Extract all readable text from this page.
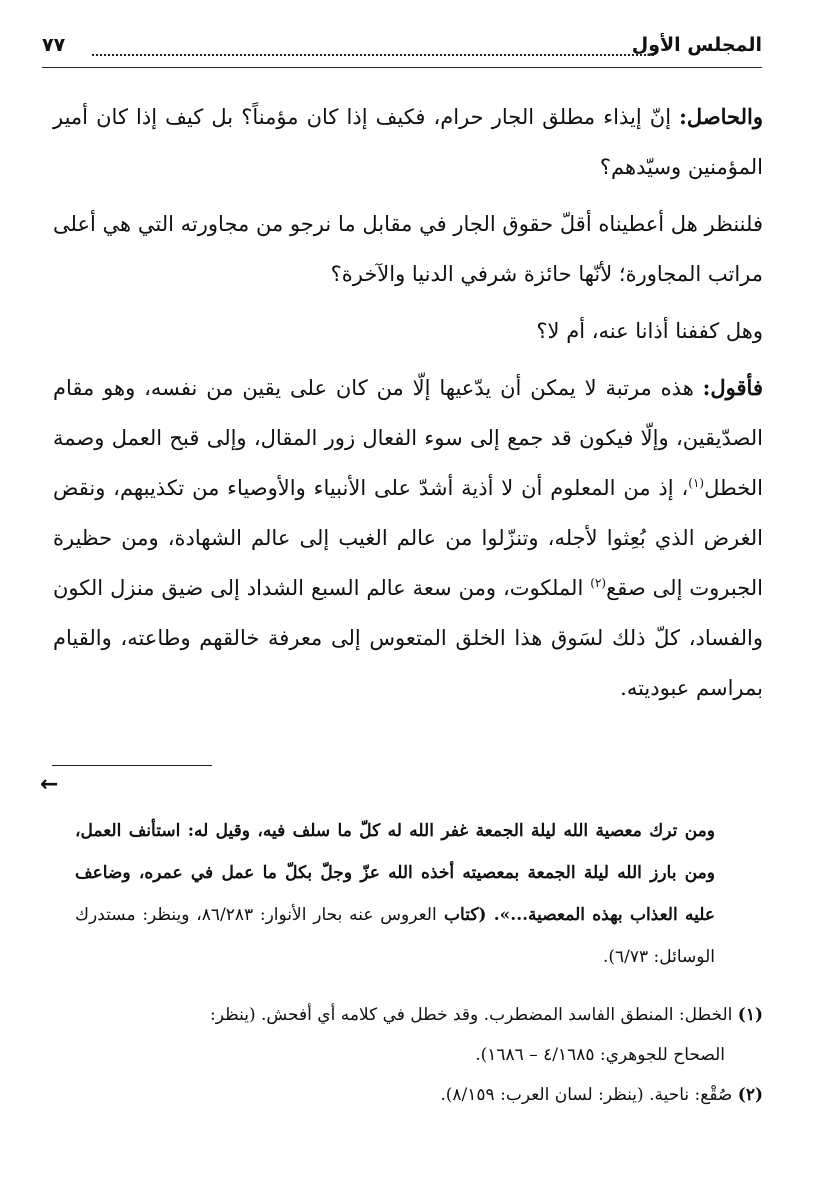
المجلس الأول
٧٧

والحاصل: إنّ إيذاء مطلق الجار حرام، فكيف إذا كان مؤمناً؟ بل كيف إذا كان أمير المؤمنين وسيّدهم؟

فلننظر هل أعطيناه أقلّ حقوق الجار في مقابل ما نرجو من مجاورته التي هي أعلى مراتب المجاورة؛ لأنّها حائزة شرفي الدنيا والآخرة؟

وهل كففنا أذانا عنه، أم لا؟

فأقول: هذه مرتبة لا يمكن أن يدّعيها إلّا من كان على يقين من نفسه، وهو مقام الصدّيقين، وإلّا فيكون قد جمع إلى سوء الفعال زور المقال، وإلى قبح العمل وصمة الخطل$^{(١)}$، إذ من المعلوم أن لا أذية أشدّ على الأنبياء والأوصياء من تكذيبهم، ونقض الغرض الذي بُعِثوا لأجله، وتنزّلوا من عالم الغيب إلى عالم الشهادة، ومن حظيرة الجبروت إلى صقع$^{(٢)}$ الملكوت، ومن سعة عالم السبع الشداد إلى ضيق منزل الكون والفساد، كلّ ذلك لسَوق هذا الخلق المتعوس إلى معرفة خالقهم وطاعته، والقيام بمراسم عبوديته.

←
ومن ترك معصية الله ليلة الجمعة غفر الله له كلّ ما سلف فيه، وقيل له: استأنف العمل، ومن بارز الله ليلة الجمعة بمعصيته أخذه الله عزّ وجلّ بكلّ ما عمل في عمره، وضاعف عليه العذاب بهذه المعصية...». (كتاب العروس عنه بحار الأنوار: ٨٦/٢٨٣، وينظر: مستدرك الوسائل: ٦/٧٣).
(١) الخطل: المنطق الفاسد المضطرب. وقد خطل في كلامه أي أفحش. (ينظر:
الصحاح للجوهري: ٤/١٦٨٥ – ١٦٨٦).
(٢) صُقْع: ناحية. (ينظر: لسان العرب: ٨/١٥٩).
